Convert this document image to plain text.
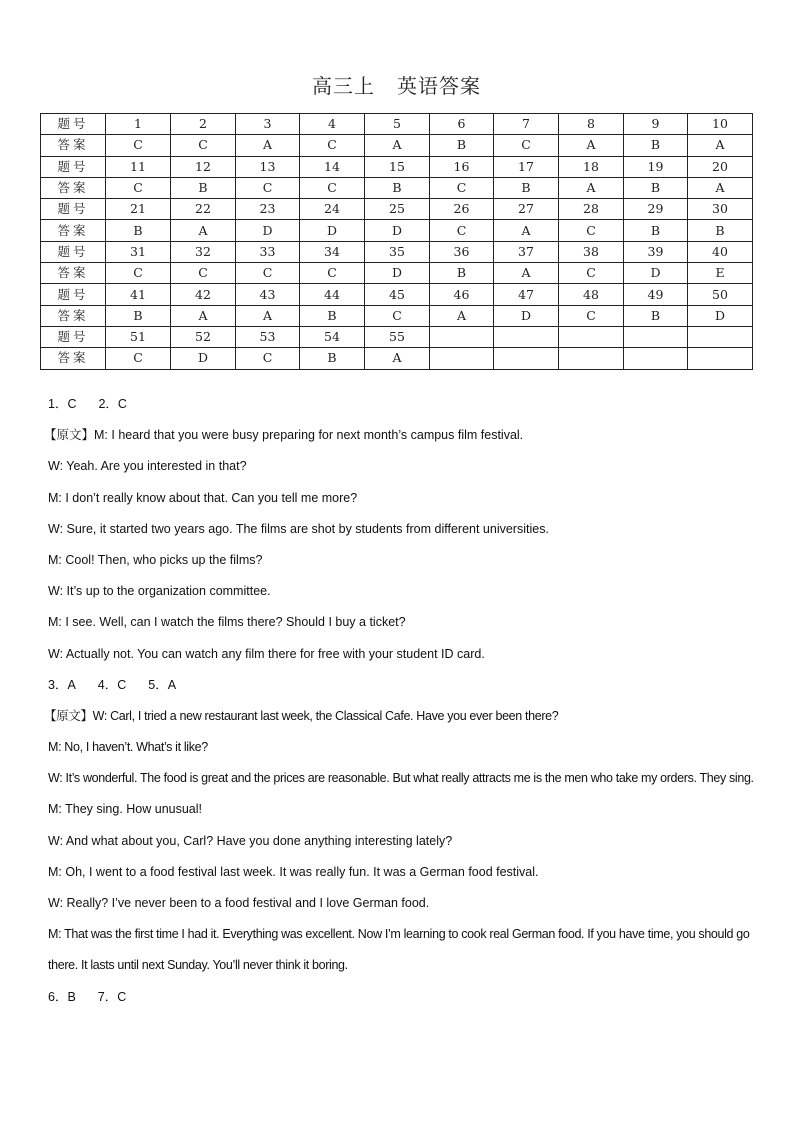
高三上 英语答案
题号	1	2	3	4	5	6	7	8	9	10
答案	C	C	A	C	A	B	C	A	B	A
题号	11	12	13	14	15	16	17	18	19	20
答案	C	B	C	C	B	C	B	A	B	A
题号	21	22	23	24	25	26	27	28	29	30
答案	B	A	D	D	D	C	A	C	B	B
题号	31	32	33	34	35	36	37	38	39	40
答案	C	C	C	C	D	B	A	C	D	E
题号	41	42	43	44	45	46	47	48	49	50
答案	B	A	A	B	C	A	D	C	B	D
题号	51	52	53	54	55					
答案	C	D	C	B	A					
1．C 2．C
【原文】M: I heard that you were busy preparing for next month’s campus film festival.
W: Yeah. Are you interested in that?
M: I don’t really know about that. Can you tell me more?
W: Sure, it started two years ago. The films are shot by students from different universities.
M: Cool! Then, who picks up the films?
W: It’s up to the organization committee.
M: I see. Well, can I watch the films there? Should I buy a ticket?
W: Actually not. You can watch any film there for free with your student ID card.
3．A 4．C 5．A
【原文】W: Carl, I tried a new restaurant last week, the Classical Cafe. Have you ever been there?
M: No, I haven’t. What’s it like?
W: It’s wonderful. The food is great and the prices are reasonable. But what really attracts me is the men who take my orders. They sing.
M: They sing. How unusual!
W: And what about you, Carl? Have you done anything interesting lately?
M: Oh, I went to a food festival last week. It was really fun. It was a German food festival.
W: Really? I’ve never been to a food festival and I love German food.
M: That was the first time I had it. Everything was excellent. Now I’m learning to cook real German food. If you have time, you should go there. It lasts until next Sunday. You’ll never think it boring.
6．B 7．C
